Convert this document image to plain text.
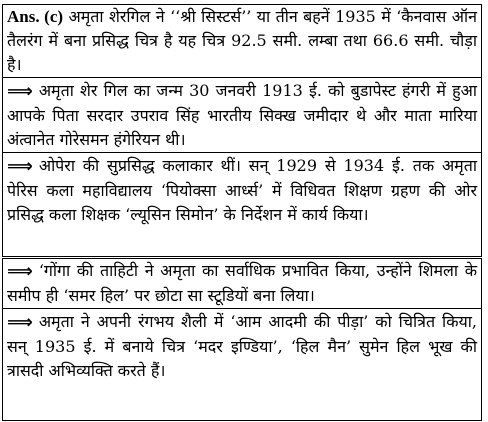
Ans. (c) अमृता शेरगिल ने ‘‘श्री सिस्टर्स’’ या तीन बहनें 1935 में ‘कैनवास ऑन तैलरंग में बना प्रसिद्ध चित्र है यह चित्र 92.5 समी. लम्बा तथा 66.6 समी. चौड़ा है।

⟹ अमृता शेर गिल का जन्म 30 जनवरी 1913 ई. को बुडापेस्ट हंगरी में हुआ आपके पिता सरदार उपराव सिंह भारतीय सिक्ख जमीदार थे और माता मारिया अंत्वानेत गोरेसमन हंगेरियन थी।

⟹ ओपेरा की सुप्रसिद्ध कलाकार थीं। सन् 1929 से 1934 ई. तक अमृता पेरिस कला महाविद्यालय ‘पियोक्सा आर्ध्स’ में विधिवत शिक्षण ग्रहण की ओर प्रसिद्ध कला शिक्षक ‘ल्यूसिन सिमोन’ के निर्देशन में कार्य किया।

⟹ ‘गोंगा की ताहिटी ने अमृता का सर्वाधिक प्रभावित किया, उन्होंने शिमला के समीप ही ‘समर हिल’ पर छोटा सा स्टूडियों बना लिया।

⟹ अमृता ने अपनी रंगभय शैली में ‘आम आदमी की पीड़ा’ को चित्रित किया, सन् 1935 ई. में बनाये चित्र ‘मदर इण्डिया’, ‘हिल मैन’ सुमेन हिल भूख की त्रासदी अभिव्यक्ति करते हैं।
